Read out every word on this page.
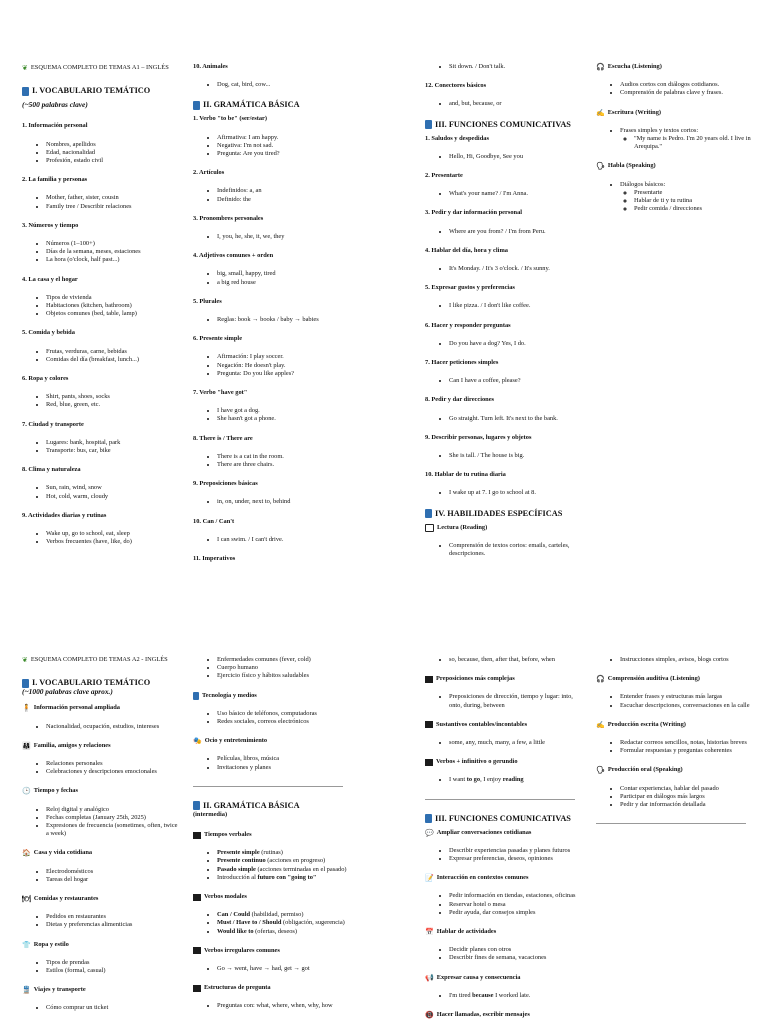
❦ ESQUEMA COMPLETO DE TEMAS A1 – INGLÉS
I. VOCABULARIO TEMÁTICO
(~500 palabras clave)
1. Información personal
• Nombres, apellidos
• Edad, nacionalidad
• Profesión, estado civil
2. La familia y personas
• Mother, father, sister, cousin
• Family tree / Describir relaciones
3. Números y tiempo
• Números (1–100+)
• Días de la semana, meses, estaciones
• La hora (o'clock, half past...)
4. La casa y el hogar
• Tipos de vivienda
• Habitaciones (kitchen, bathroom)
• Objetos comunes (bed, table, lamp)
5. Comida y bebida
• Frutas, verduras, carne, bebidas
• Comidas del día (breakfast, lunch...)
6. Ropa y colores
• Shirt, pants, shoes, socks
• Red, blue, green, etc.
7. Ciudad y transporte
• Lugares: bank, hospital, park
• Transporte: bus, car, bike
8. Clima y naturaleza
• Sun, rain, wind, snow
• Hot, cold, warm, cloudy
9. Actividades diarias y rutinas
• Wake up, go to school, eat, sleep
• Verbos frecuentes (have, like, do)
10. Animales
• Dog, cat, bird, cow...
II. GRAMÁTICA BÁSICA
1. Verbo "to be" (ser/estar)
• Afirmativa: I am happy.
• Negativa: I'm not sad.
• Pregunta: Are you tired?
2. Artículos
• Indefinidos: a, an
• Definido: the
3. Pronombres personales
• I, you, he, she, it, we, they
4. Adjetivos comunes + orden
• big, small, happy, tired
• a big red house
5. Plurales
• Reglas: book → books / baby → babies
6. Presente simple
• Afirmación: I play soccer.
• Negación: He doesn't play.
• Pregunta: Do you like apples?
7. Verbo "have got"
• I have got a dog.
• She hasn't got a phone.
8. There is / There are
• There is a cat in the room.
• There are three chairs.
9. Preposiciones básicas
• in, on, under, next to, behind
10. Can / Can't
• I can swim. / I can't drive.
11. Imperativos
• Sit down. / Don't talk.
12. Conectores básicos
• and, but, because, or
III. FUNCIONES COMUNICATIVAS
1. Saludos y despedidas
• Hello, Hi, Goodbye, See you
2. Presentarte
• What's your name? / I'm Anna.
3. Pedir y dar información personal
• Where are you from? / I'm from Peru.
4. Hablar del día, hora y clima
• It's Monday. / It's 3 o'clock. / It's sunny.
5. Expresar gustos y preferencias
• I like pizza. / I don't like coffee.
6. Hacer y responder preguntas
• Do you have a dog? Yes, I do.
7. Hacer peticiones simples
• Can I have a coffee, please?
8. Pedir y dar direcciones
• Go straight. Turn left. It's next to the bank.
9. Describir personas, lugares y objetos
• She is tall. / The house is big.
10. Hablar de tu rutina diaria
• I wake up at 7. I go to school at 8.
IV. HABILIDADES ESPECÍFICAS
Lectura (Reading)
• Comprensión de textos cortos: emails, carteles, descripciones.
🎧 Escucha (Listening)
• Audios cortos con diálogos cotidianos.
• Comprensión de palabras clave y frases.
✍ Escritura (Writing)
• Frases simples y textos cortos:
◦ "My name is Pedro. I'm 20 years old. I live in Arequipa."
🗣 Habla (Speaking)
• Diálogos básicos:
◦ Presentarte
◦ Hablar de ti y tu rutina
◦ Pedir comida / direcciones
❦ ESQUEMA COMPLETO DE TEMAS A2 - INGLÉS
I. VOCABULARIO TEMÁTICO
(~1000 palabras clave aprox.)
🧍 Información personal ampliada
• Nacionalidad, ocupación, estudios, intereses
👨‍👩‍👧 Familia, amigos y relaciones
• Relaciones personales
• Celebraciones y descripciones emocionales
🕒 Tiempo y fechas
• Reloj digital y analógico
• Fechas completas (January 25th, 2025)
• Expresiones de frecuencia (sometimes, often, twice a week)
🏠 Casa y vida cotidiana
• Electrodomésticos
• Tareas del hogar
🍽 Comidas y restaurantes
• Pedidos en restaurantes
• Dietas y preferencias alimenticias
👕 Ropa y estilo
• Tipos de prendas
• Estilos (formal, casual)
🚆 Viajes y transporte
• Cómo comprar un ticket
• Enfermedades comunes (fever, cold)
• Cuerpo humano
• Ejercicio físico y hábitos saludables
Tecnología y medios
• Uso básico de teléfonos, computadoras
• Redes sociales, correos electrónicos
🎭 Ocio y entretenimiento
• Películas, libros, música
• Invitaciones y planes
II. GRAMÁTICA BÁSICA
(intermedia)
Tiempos verbales
• Presente simple (rutinas)
• Presente continuo (acciones en progreso)
• Pasado simple (acciones terminadas en el pasado)
• Introducción al futuro con "going to"
Verbos modales
• Can / Could (habilidad, permiso)
• Must / Have to / Should (obligación, sugerencia)
• Would like to (ofertas, deseos)
Verbos irregulares comunes
• Go → went, have → had, get → got
Estructuras de pregunta
• Preguntas con: what, where, when, why, how
• so, because, then, after that, before, when
Preposiciones más complejas
• Preposiciones de dirección, tiempo y lugar: into, onto, during, between
Sustantivos contables/incontables
• some, any, much, many, a few, a little
Verbos + infinitivo o gerundio
• I want to go, I enjoy reading
III. FUNCIONES COMUNICATIVAS
💬 Ampliar conversaciones cotidianas
• Describir experiencias pasadas y planes futuros
• Expresar preferencias, deseos, opiniones
📝 Interacción en contextos comunes
• Pedir información en tiendas, estaciones, oficinas
• Reservar hotel o mesa
• Pedir ayuda, dar consejos simples
📅 Hablar de actividades
• Decidir planes con otros
• Describir fines de semana, vacaciones
📢 Expresar causa y consecuencia
• I'm tired because I worked late.
📵 Hacer llamadas, escribir mensajes
• Instrucciones simples, avisos, blogs cortos
🎧 Comprensión auditiva (Listening)
• Entender frases y estructuras más largas
• Escuchar descripciones, conversaciones en la calle
✍ Producción escrita (Writing)
• Redactar correos sencillos, notas, historias breves
• Formular respuestas y preguntas coherentes
🗣 Producción oral (Speaking)
• Contar experiencias, hablar del pasado
• Participar en diálogos más largos
• Pedir y dar información detallada
